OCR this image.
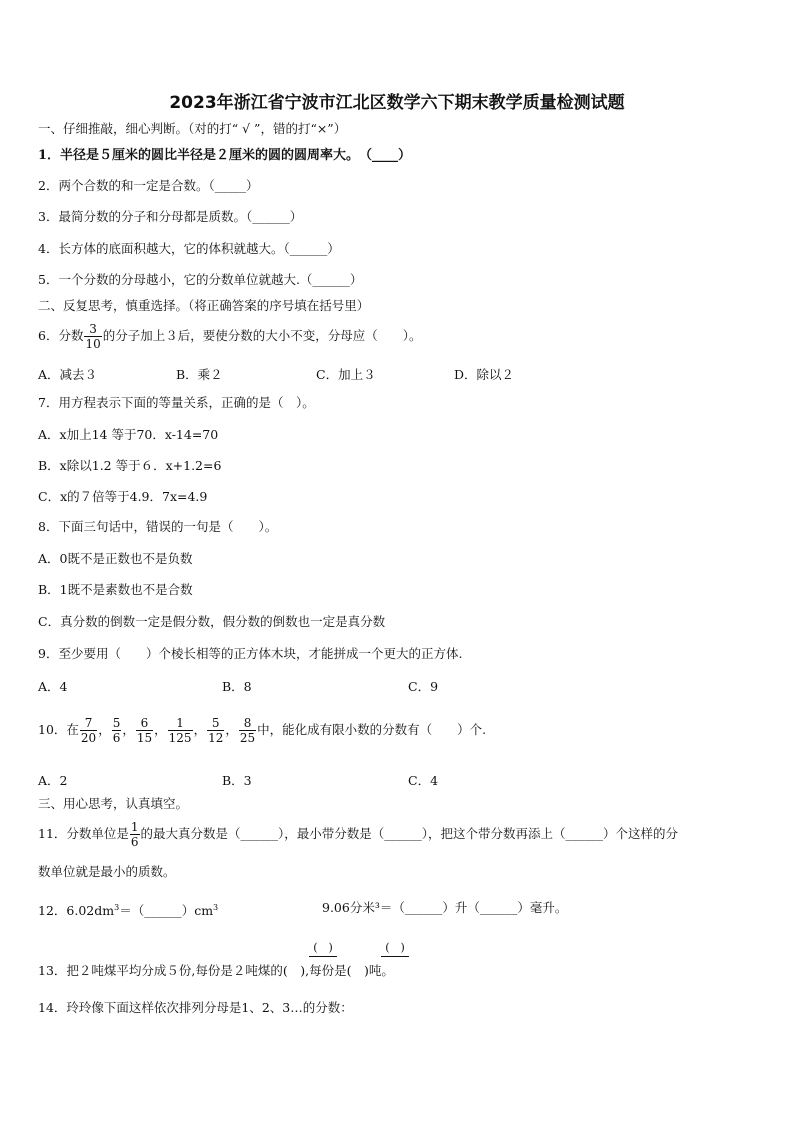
2023年浙江省宁波市江北区数学六下期末教学质量检测试题
一、仔细推敲，细心判断。（对的打“ √ ”，错的打“×”）
1．半径是５厘米的圆比半径是２厘米的圆的圆周率大。　（____）
2．两个合数的和一定是合数。（_____）
3．最简分数的分子和分母都是质数。（______）
4．长方体的底面积越大，它的体积就越大。（______）
5．一个分数的分母越小，它的分数单位就越大.（______）
二、反复思考，慎重选择。（将正确答案的序号填在括号里）
6．分数 $\frac{3}{10}$ 的分子加上３后，要使分数的大小不变，分母应（　　）。
A．减去３	B．乘２	C．加上３	D．除以２
7．用方程表示下面的等量关系，正确的是（　）。
A．x加上14 等于70．x-14=70
B．x除以1.2 等于６．x+1.2=6
C．x的７倍等于4.9．7x=4.9
8．下面三句话中，错误的一句是（　　）。
A．0既不是正数也不是负数
B．1既不是素数也不是合数
C．真分数的倒数一定是假分数，假分数的倒数也一定是真分数
9．至少要用（　　）个棱长相等的正方体木块，才能拼成一个更大的正方体.
A．4	B．8	C．9
10．在 $\frac{7}{20}$ ， $\frac{5}{6}$ ， $\frac{6}{15}$ ， $\frac{1}{125}$ ， $\frac{5}{12}$ ， $\frac{8}{25}$ 中，能化成有限小数的分数有（　　）个.
A．2	B．3	C．4
三、用心思考，认真填空。
11．分数单位是 $\frac{1}{6}$ 的最大真分数是（______），最小带分数是（______），把这个带分数再添上（______）个这样的分
数单位就是最小的质数。
12．$6.02dm^3=(\_\_\_\_\_\_)cm^3$	9.06分米³＝（______）升（______）毫升。
(　)	(　)
13．把２吨煤平均分成５份,每份是２吨煤的(　),每份是(　)吨。
14．玲玲像下面这样依次排列分母是1、2、3…的分数：
